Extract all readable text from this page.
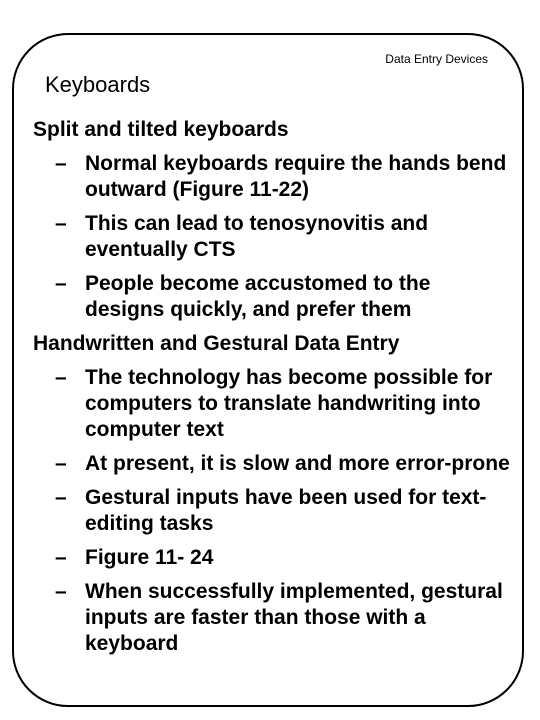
Data Entry Devices
Keyboards
Split and tilted keyboards
– Normal keyboards require the hands bend outward (Figure 11-22)
– This can lead to tenosynovitis and eventually CTS
– People become accustomed to the designs quickly, and prefer them
Handwritten and Gestural Data Entry
– The technology has become possible for computers to translate handwriting into computer text
– At present, it is slow and more error-prone
– Gestural inputs have been used for text-editing tasks
– Figure 11- 24
– When successfully implemented, gestural inputs are faster than those with a keyboard
